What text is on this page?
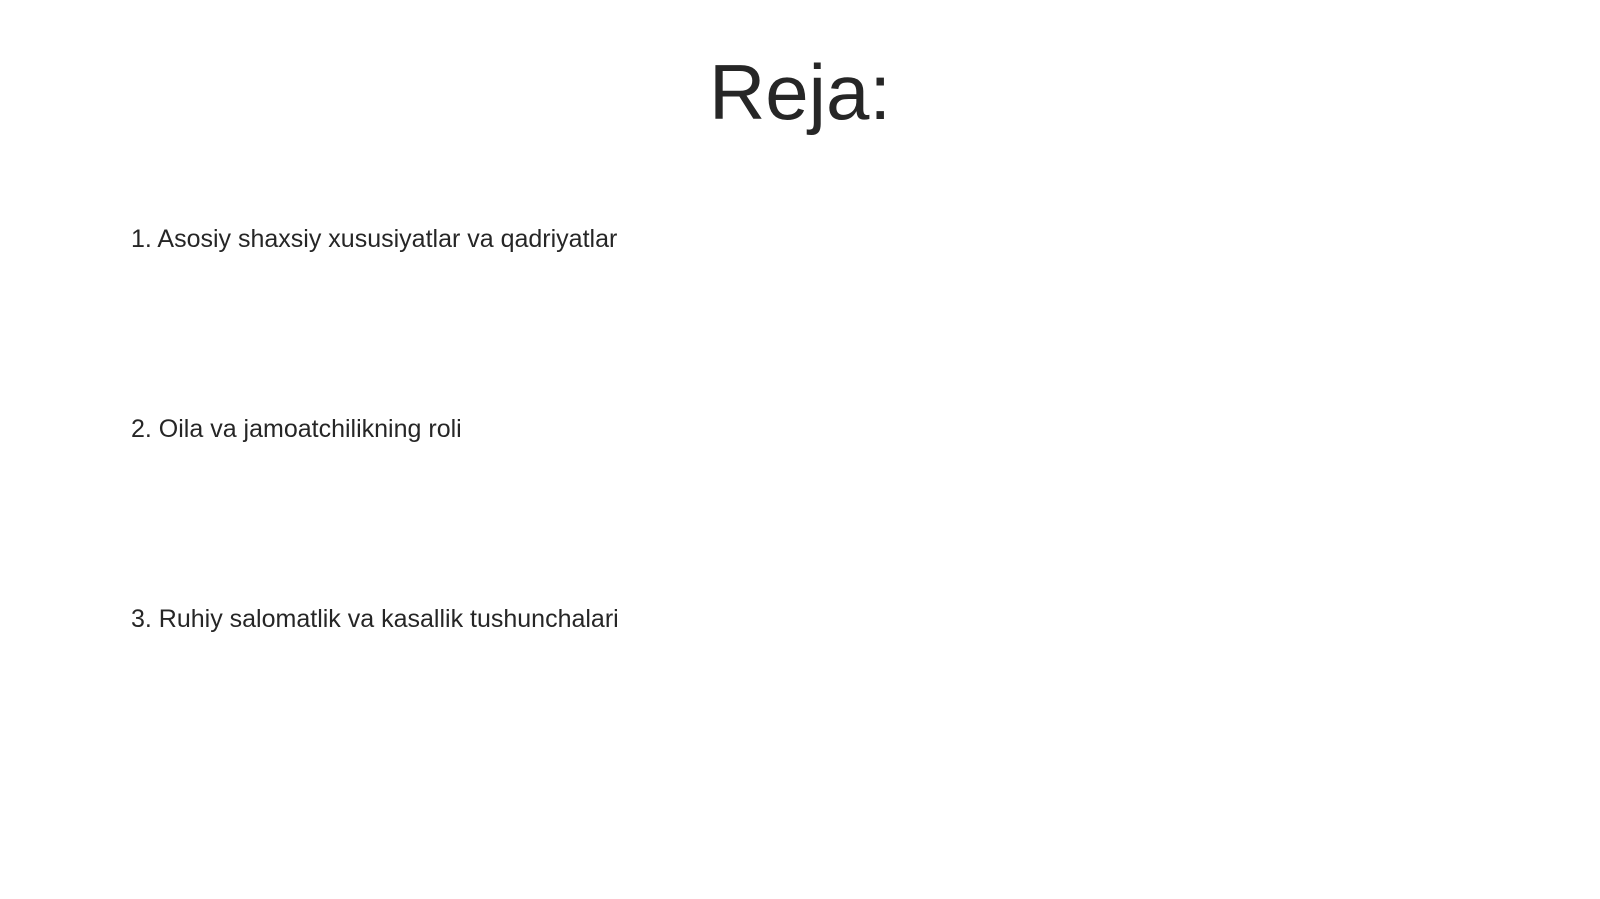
Reja:
1. Asosiy shaxsiy xususiyatlar va qadriyatlar
2. Oila va jamoatchilikning roli
3. Ruhiy salomatlik va kasallik tushunchalari
